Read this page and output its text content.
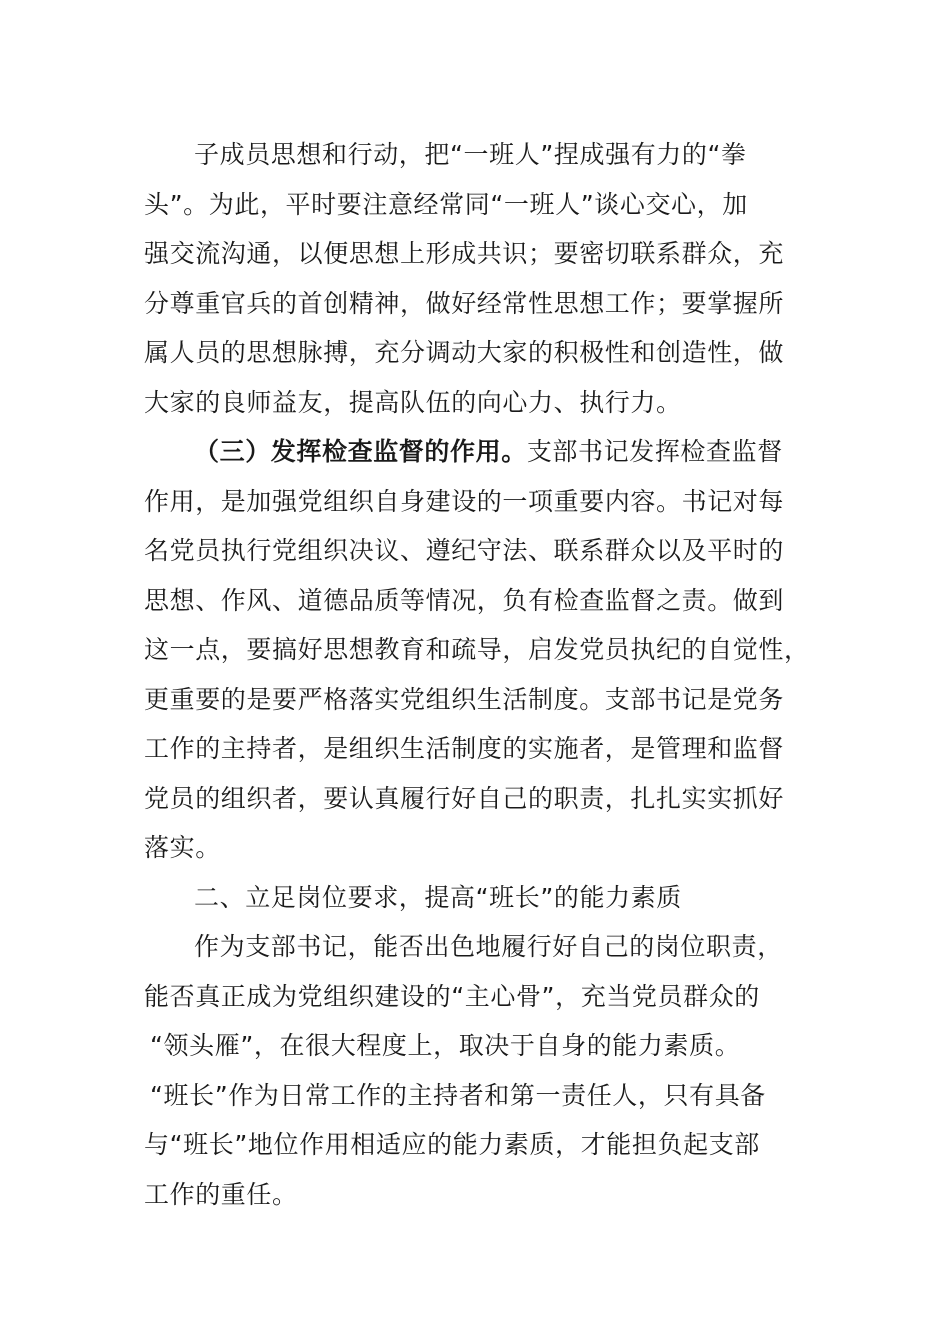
子成员思想和行动，把“一班人”捏成强有力的“拳
头”。为此，平时要注意经常同“一班人”谈心交心，加
强交流沟通，以便思想上形成共识；要密切联系群众，充
分尊重官兵的首创精神，做好经常性思想工作；要掌握所
属人员的思想脉搏，充分调动大家的积极性和创造性，做
大家的良师益友，提高队伍的向心力、执行力。
（三）发挥检查监督的作用。支部书记发挥检查监督
作用，是加强党组织自身建设的一项重要内容。书记对每
名党员执行党组织决议、遵纪守法、联系群众以及平时的
思想、作风、道德品质等情况，负有检查监督之责。做到
这一点，要搞好思想教育和疏导，启发党员执纪的自觉性，
更重要的是要严格落实党组织生活制度。支部书记是党务
工作的主持者，是组织生活制度的实施者，是管理和监督
党员的组织者，要认真履行好自己的职责，扎扎实实抓好
落实。
二、立足岗位要求，提高“班长”的能力素质
作为支部书记，能否出色地履行好自己的岗位职责，
能否真正成为党组织建设的“主心骨”，充当党员群众的
“领头雁”，在很大程度上，取决于自身的能力素质。
“班长”作为日常工作的主持者和第一责任人，只有具备
与“班长”地位作用相适应的能力素质，才能担负起支部
工作的重任。
